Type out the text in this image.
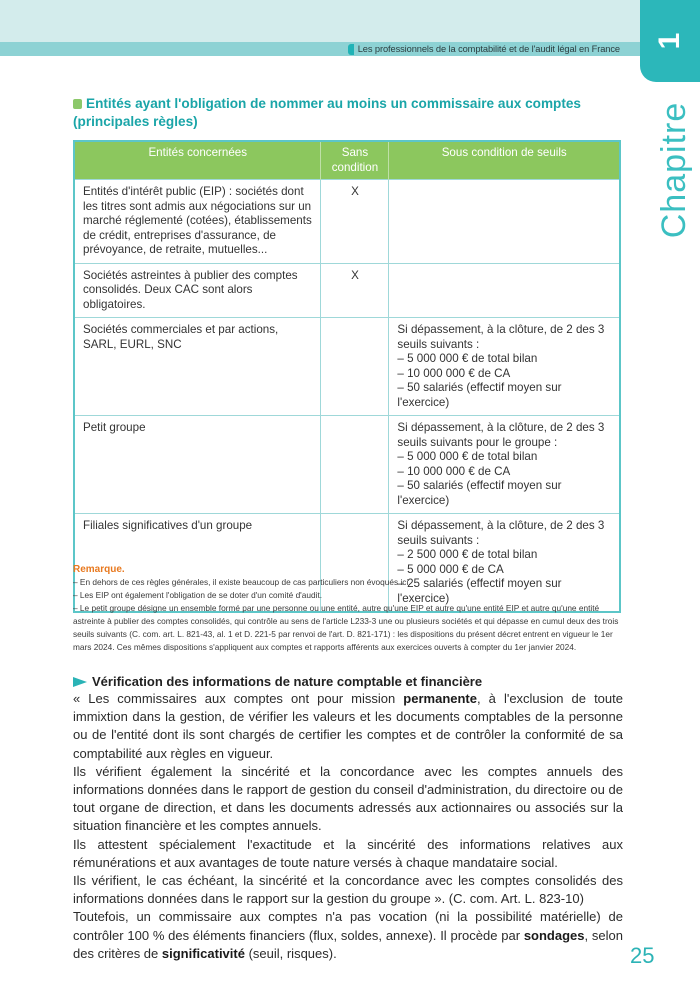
Les professionnels de la comptabilité et de l'audit légal en France	1
Chapitre
Entités ayant l'obligation de nommer au moins un commissaire aux comptes (principales règles)
Entités concernées	Sans condition	Sous condition de seuils
Entités d'intérêt public (EIP) : sociétés dont les titres sont admis aux négociations sur un marché réglementé (cotées), établissements de crédit, entreprises d'assurance, de prévoyance, de retraite, mutuelles...	X	
Sociétés astreintes à publier des comptes consolidés. Deux CAC sont alors obligatoires.	X	
Sociétés commerciales et par actions, SARL, EURL, SNC		Si dépassement, à la clôture, de 2 des 3 seuils suivants :
– 5 000 000 € de total bilan
– 10 000 000 € de CA
– 50 salariés (effectif moyen sur l'exercice)

Petit groupe		Si dépassement, à la clôture, de 2 des 3 seuils suivants pour le groupe :
– 5 000 000 € de total bilan
– 10 000 000 € de CA
– 50 salariés (effectif moyen sur l'exercice)

Filiales significatives d'un groupe		Si dépassement, à la clôture, de 2 des 3 seuils suivants :
– 2 500 000 € de total bilan
– 5 000 000 € de CA
– 25 salariés (effectif moyen sur l'exercice)
Remarque.

– En dehors de ces règles générales, il existe beaucoup de cas particuliers non évoqués ici.

– Les EIP ont également l'obligation de se doter d'un comité d'audit.

– Le petit groupe désigne un ensemble formé par une personne ou une entité, autre qu'une EIP et autre qu'une entité EIP et autre qu'une entité astreinte à publier des comptes consolidés, qui contrôle au sens de l'article L233-3 une ou plusieurs sociétés et qui dépasse en cumul deux des trois seuils suivants (C. com. art. L. 821-43, al. 1 et D. 221-5 par renvoi de l'art. D. 821-171) : les dispositions du présent décret entrent en vigueur le 1er mars 2024. Ces mêmes dispositions s'appliquent aux comptes et rapports afférents aux exercices ouverts à compter du 1er janvier 2024.

Vérification des informations de nature comptable et financière

« Les commissaires aux comptes ont pour mission permanente, à l'exclusion de toute immixtion dans la gestion, de vérifier les valeurs et les documents comptables de la personne ou de l'entité dont ils sont chargés de certifier les comptes et de contrôler la conformité de sa comptabilité aux règles en vigueur.

Ils vérifient également la sincérité et la concordance avec les comptes annuels des informations données dans le rapport de gestion du conseil d'administration, du directoire ou de tout organe de direction, et dans les documents adressés aux actionnaires ou associés sur la situation financière et les comptes annuels.

Ils attestent spécialement l'exactitude et la sincérité des informations relatives aux rémunérations et aux avantages de toute nature versés à chaque mandataire social.

Ils vérifient, le cas échéant, la sincérité et la concordance avec les comptes consolidés des informations données dans le rapport sur la gestion du groupe ». (C. com. Art. L. 823-10)

Toutefois, un commissaire aux comptes n'a pas vocation (ni la possibilité matérielle) de contrôler 100 % des éléments financiers (flux, soldes, annexe). Il procède par sondages, selon des critères de significativité (seuil, risques).	25
